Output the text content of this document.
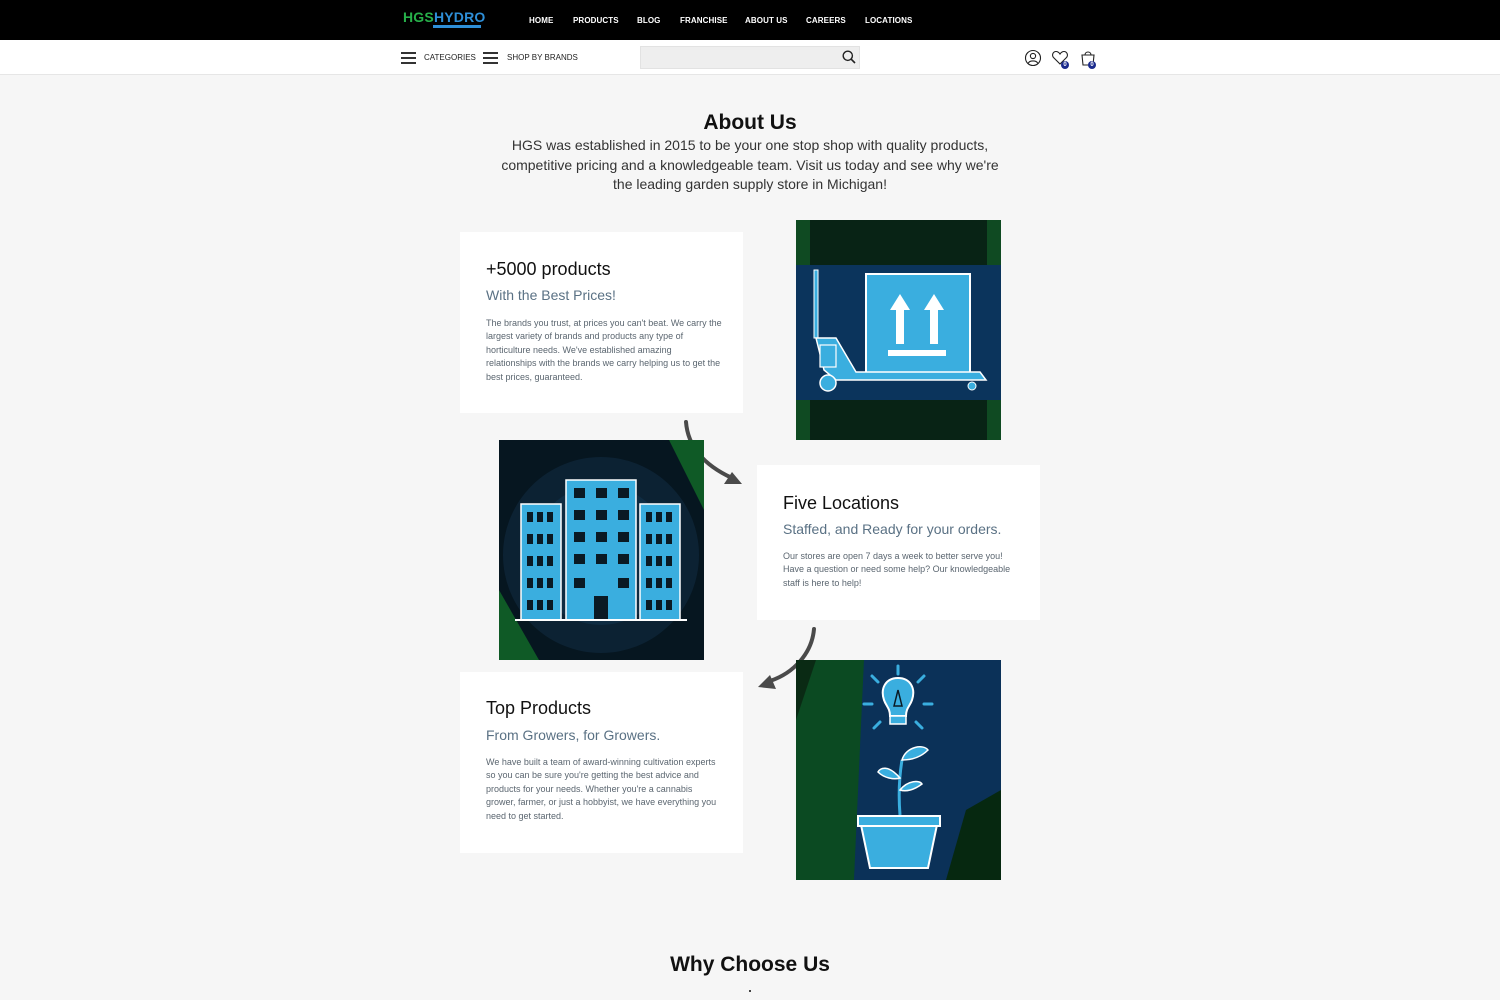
HGSHYDRO	HOME PRODUCTS BLOG FRANCHISE ABOUT US CAREERS LOCATIONS
CATEGORIES	SHOP BY BRANDS
0	0
About Us

HGS was established in 2015 to be your one stop shop with quality products, competitive pricing and a knowledgeable team. Visit us today and see why we're the leading garden supply store in Michigan!

+5000 products
With the Best Prices!
The brands you trust, at prices you can't beat. We carry the largest variety of brands and products any type of horticulture needs. We've established amazing relationships with the brands we carry helping us to get the best prices, guaranteed.
Five Locations
Staffed, and Ready for your orders.
Our stores are open 7 days a week to better serve you! Have a question or need some help? Our knowledgeable staff is here to help!
Top Products
From Growers, for Growers.
We have built a team of award-winning cultivation experts so you can be sure you're getting the best advice and products for your needs. Whether you're a cannabis grower, farmer, or just a hobbyist, we have everything you need to get started.
Why Choose Us
